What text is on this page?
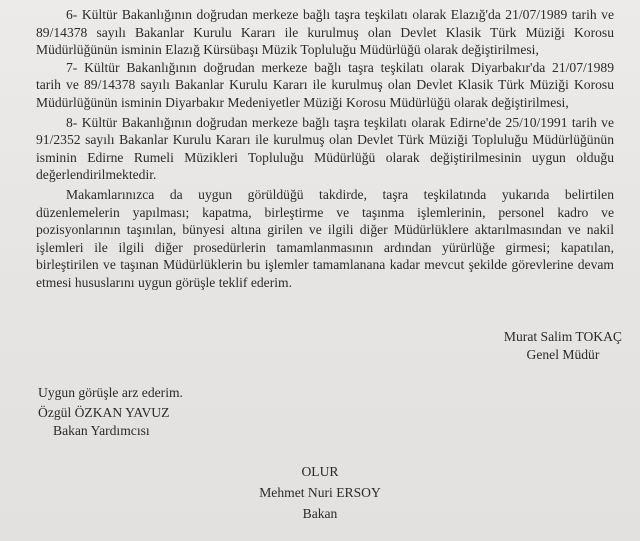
6- Kültür Bakanlığının doğrudan merkeze bağlı taşra teşkilatı olarak Elazığ'da 21/07/1989 tarih ve
89/14378 sayılı Bakanlar Kurulu Kararı ile kurulmuş olan Devlet Klasik Türk Müziği Korosu
Müdürlüğünün isminin Elazığ Kürsübaşı Müzik Topluluğu Müdürlüğü olarak değiştirilmesi,

7- Kültür Bakanlığının doğrudan merkeze bağlı taşra teşkilatı olarak Diyarbakır'da 21/07/1989
tarih ve 89/14378 sayılı Bakanlar Kurulu Kararı ile kurulmuş olan Devlet Klasik Türk Müziği Korosu
Müdürlüğünün isminin Diyarbakır Medeniyetler Müziği Korosu Müdürlüğü olarak değiştirilmesi,

8- Kültür Bakanlığının doğrudan merkeze bağlı taşra teşkilatı olarak Edirne'de 25/10/1991 tarih ve
91/2352 sayılı Bakanlar Kurulu Kararı ile kurulmuş olan Devlet Türk Müziği Topluluğu Müdürlüğünün
isminin Edirne Rumeli Müzikleri Topluluğu Müdürlüğü olarak değiştirilmesinin uygun olduğu
değerlendirilmektedir.

Makamlarınızca da uygun görüldüğü takdirde, taşra teşkilatında yukarıda belirtilen
düzenlemelerin yapılması; kapatma, birleştirme ve taşınma işlemlerinin, personel kadro ve
pozisyonlarının taşınılan, bünyesi altına girilen ve ilgili diğer Müdürlüklere aktarılmasından ve nakil
işlemleri ile ilgili diğer prosedürlerin tamamlanmasının ardından yürürlüğe girmesi; kapatılan,
birleştirilen ve taşınan Müdürlüklerin bu işlemler tamamlanana kadar mevcut şekilde görevlerine devam
etmesi hususlarını uygun görüşle teklif ederim.

Murat Salim TOKAÇ
Genel Müdür
Uygun görüşle arz ederim.
Özgül ÖZKAN YAVUZ
Bakan Yardımcısı
OLUR
Mehmet Nuri ERSOY
Bakan
